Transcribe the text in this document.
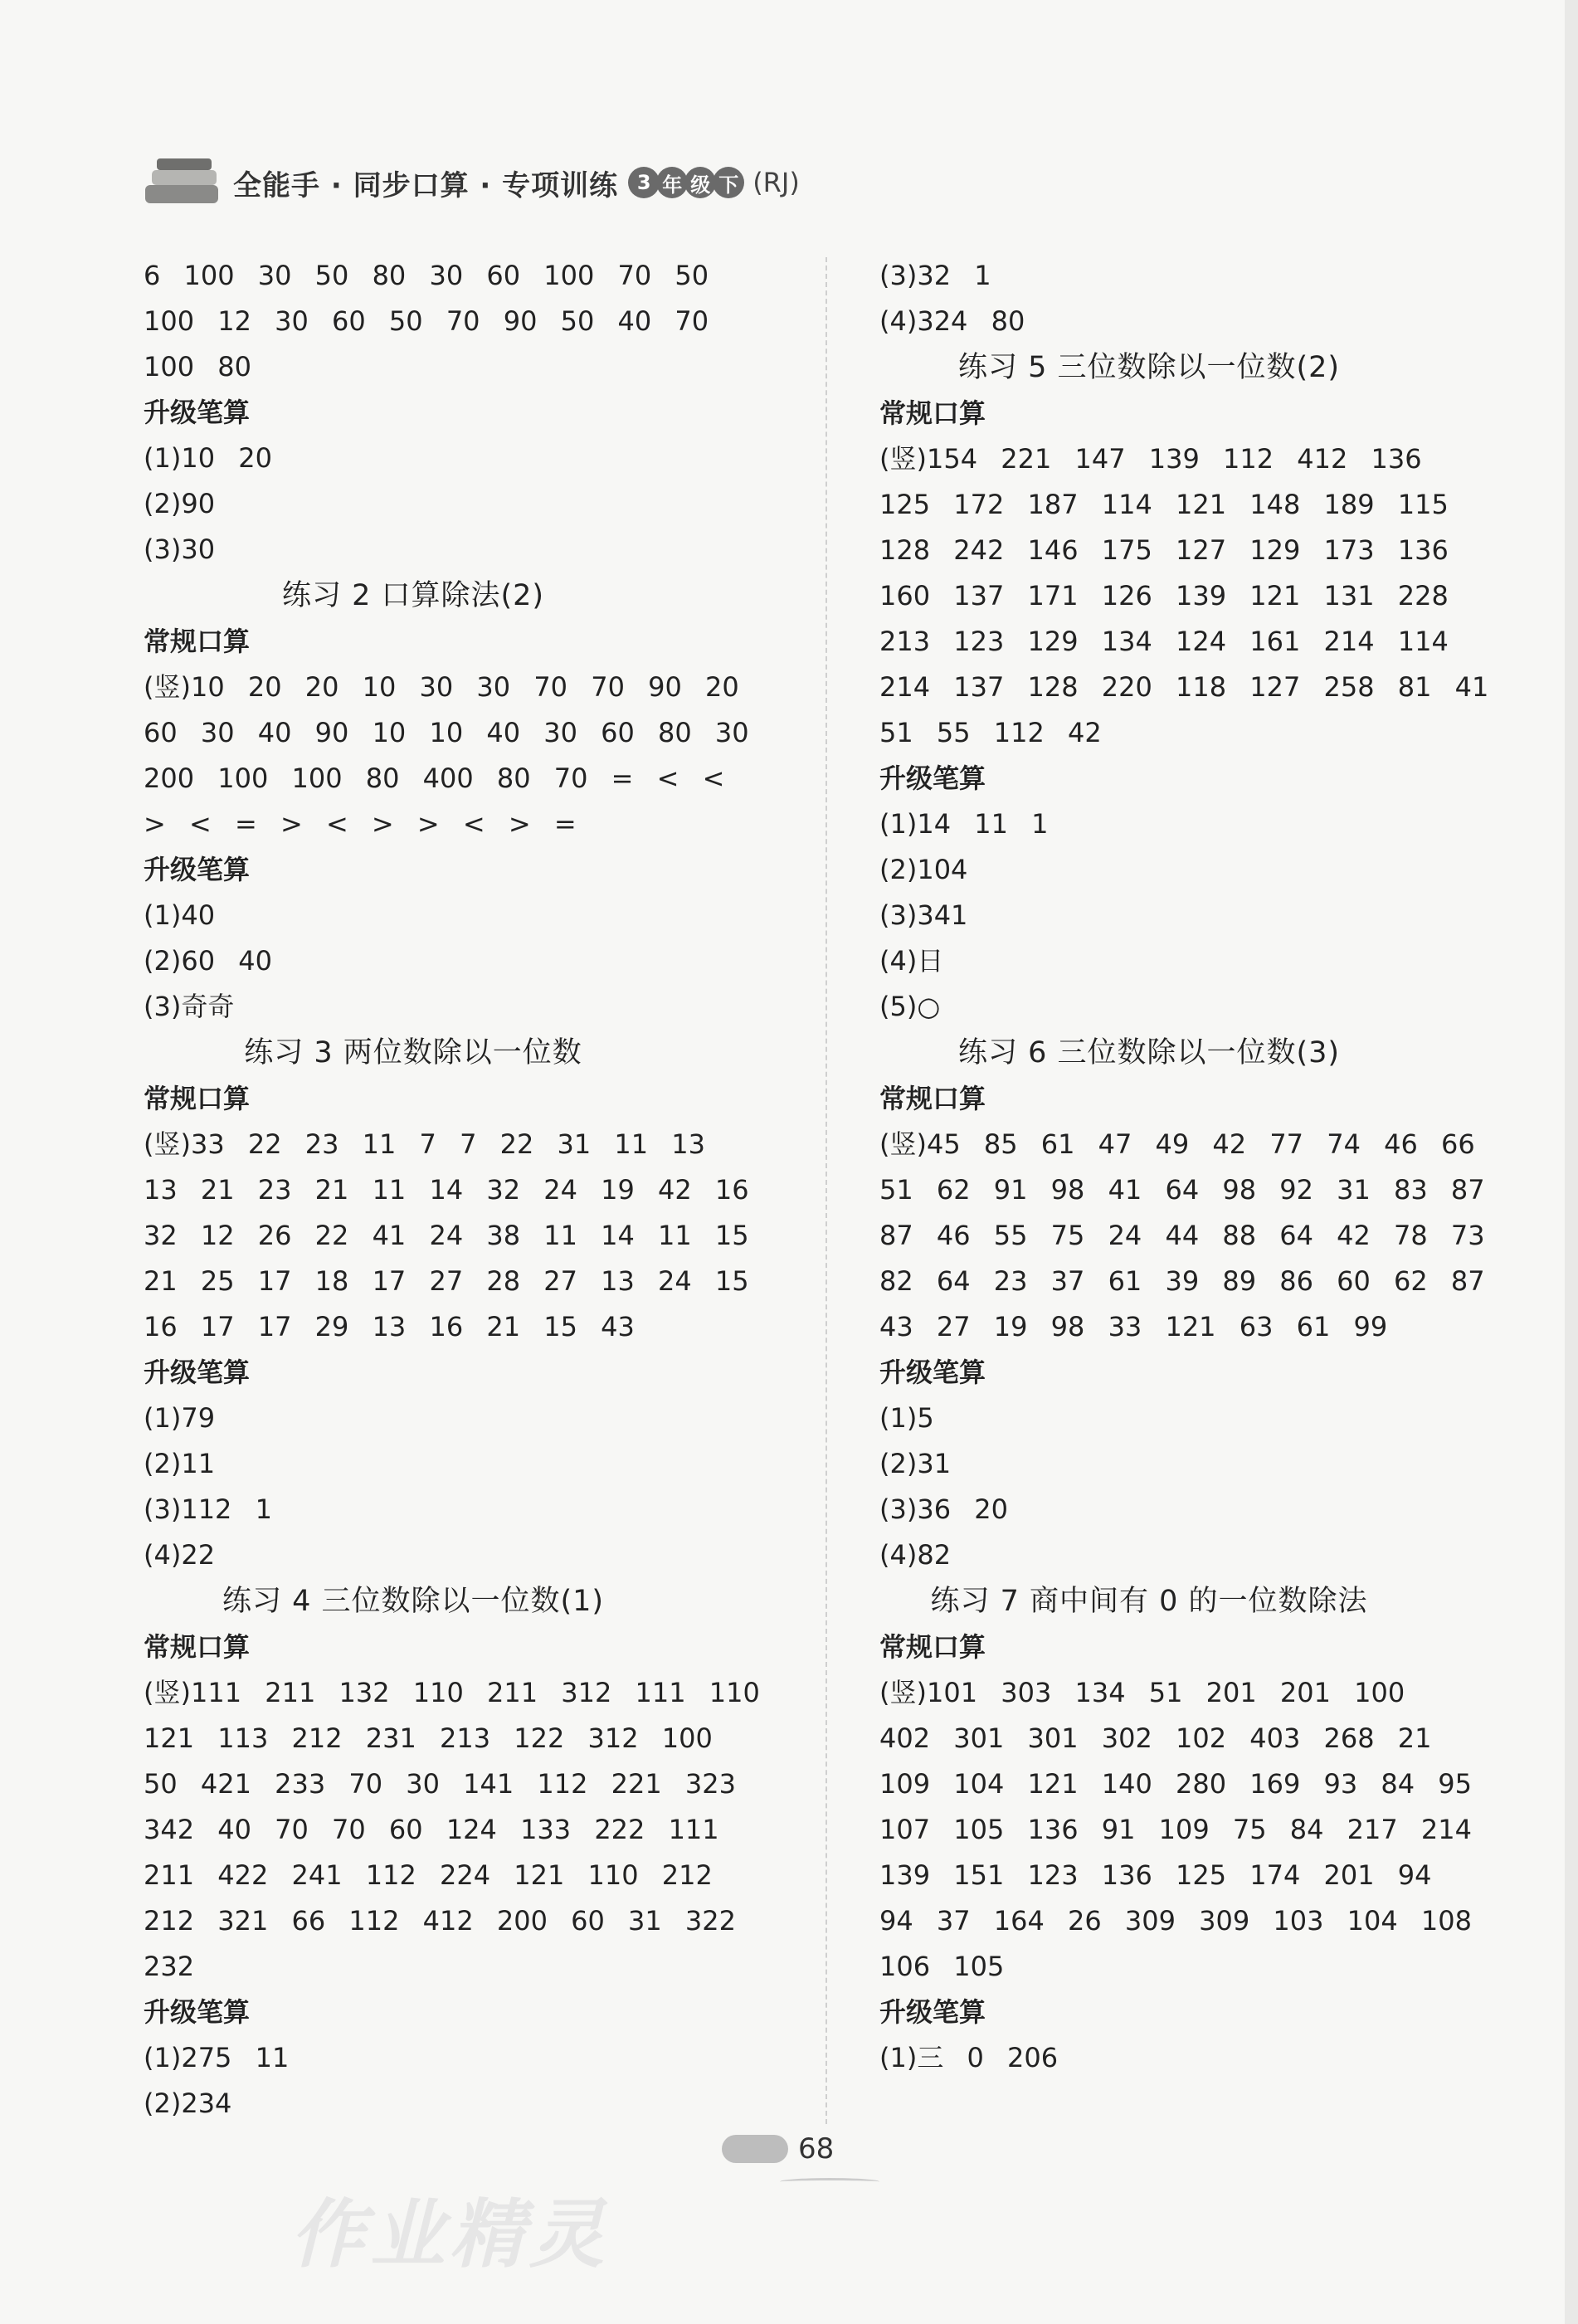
全能手 · 同步口算 · 专项训练 3 年 级 下 (RJ)
6 100 30 50 80 30 60 100 70 50
100 12 30 60 50 70 90 50 40 70
100 80
升级笔算
(1)10 20
(2)90
(3)30
练习 2 口算除法(2)
常规口算
(竖)10 20 20 10 30 30 70 70 90 20
60 30 40 90 10 10 40 30 60 80 30
200 100 100 80 400 80 70 = < <
> < = > < > > < > =
升级笔算
(1)40
(2)60 40
(3)奇奇
练习 3 两位数除以一位数
常规口算
(竖)33 22 23 11 7 7 22 31 11 13
13 21 23 21 11 14 32 24 19 42 16
32 12 26 22 41 24 38 11 14 11 15
21 25 17 18 17 27 28 27 13 24 15
16 17 17 29 13 16 21 15 43
升级笔算
(1)79
(2)11
(3)112 1
(4)22
练习 4 三位数除以一位数(1)
常规口算
(竖)111 211 132 110 211 312 111 110
121 113 212 231 213 122 312 100
50 421 233 70 30 141 112 221 323
342 40 70 70 60 124 133 222 111
211 422 241 112 224 121 110 212
212 321 66 112 412 200 60 31 322
232
升级笔算
(1)275 11
(2)234
(3)32 1
(4)324 80
练习 5 三位数除以一位数(2)
常规口算
(竖)154 221 147 139 112 412 136
125 172 187 114 121 148 189 115
128 242 146 175 127 129 173 136
160 137 171 126 139 121 131 228
213 123 129 134 124 161 214 114
214 137 128 220 118 127 258 81 41
51 55 112 42
升级笔算
(1)14 11 1
(2)104
(3)341
(4)日
(5)○
练习 6 三位数除以一位数(3)
常规口算
(竖)45 85 61 47 49 42 77 74 46 66
51 62 91 98 41 64 98 92 31 83 87
87 46 55 75 24 44 88 64 42 78 73
82 64 23 37 61 39 89 86 60 62 87
43 27 19 98 33 121 63 61 99
升级笔算
(1)5
(2)31
(3)36 20
(4)82
练习 7 商中间有 0 的一位数除法
常规口算
(竖)101 303 134 51 201 201 100
402 301 301 302 102 403 268 21
109 104 121 140 280 169 93 84 95
107 105 136 91 109 75 84 217 214
139 151 123 136 125 174 201 94
94 37 164 26 309 309 103 104 108
106 105
升级笔算
(1)三 0 206
68
作业精灵
